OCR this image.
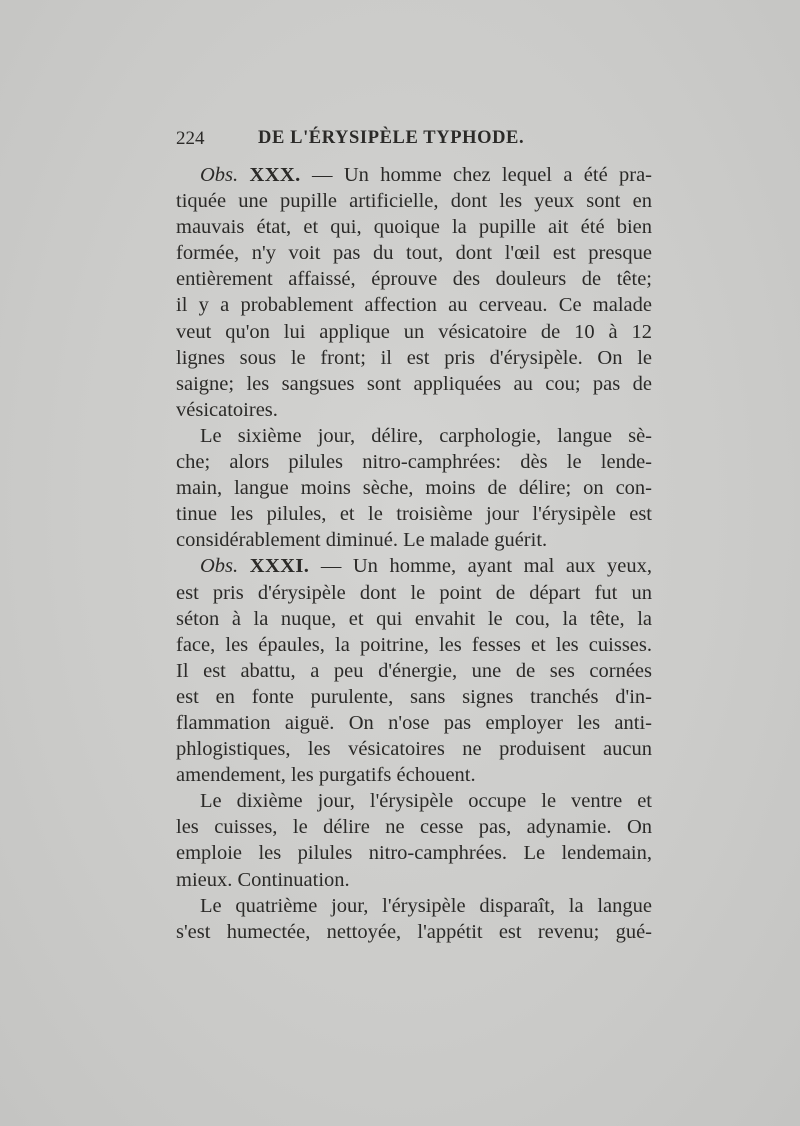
224	DE L'ÉRYSIPÈLE TYPHODE.
Obs. XXX. — Un homme chez lequel a été pra-
tiquée une pupille artificielle, dont les yeux sont en
mauvais état, et qui, quoique la pupille ait été bien
formée, n'y voit pas du tout, dont l'œil est presque
entièrement affaissé, éprouve des douleurs de tête;
il y a probablement affection au cerveau. Ce malade
veut qu'on lui applique un vésicatoire de 10 à 12
lignes sous le front; il est pris d'érysipèle. On le
saigne; les sangsues sont appliquées au cou; pas de
vésicatoires.
Le sixième jour, délire, carphologie, langue sè-
che; alors pilules nitro-camphrées: dès le lende-
main, langue moins sèche, moins de délire; on con-
tinue les pilules, et le troisième jour l'érysipèle est
considérablement diminué. Le malade guérit.
Obs. XXXI. — Un homme, ayant mal aux yeux,
est pris d'érysipèle dont le point de départ fut un
séton à la nuque, et qui envahit le cou, la tête, la
face, les épaules, la poitrine, les fesses et les cuisses.
Il est abattu, a peu d'énergie, une de ses cornées
est en fonte purulente, sans signes tranchés d'in-
flammation aiguë. On n'ose pas employer les anti-
phlogistiques, les vésicatoires ne produisent aucun
amendement, les purgatifs échouent.
Le dixième jour, l'érysipèle occupe le ventre et
les cuisses, le délire ne cesse pas, adynamie. On
emploie les pilules nitro-camphrées. Le lendemain,
mieux. Continuation.
Le quatrième jour, l'érysipèle disparaît, la langue
s'est humectée, nettoyée, l'appétit est revenu; gué-
